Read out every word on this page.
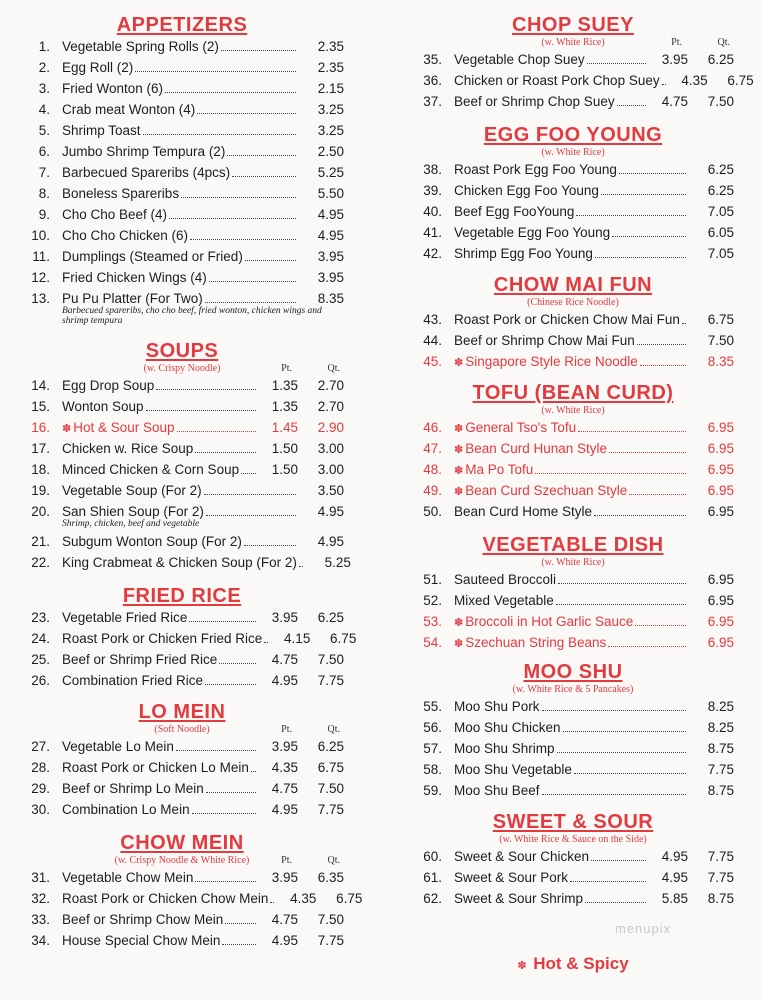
APPETIZERS
1. Vegetable Spring Rolls (2)	2.35
2. Egg Roll (2)	2.35
3. Fried Wonton (6)	2.15
4. Crab meat Wonton (4)	3.25
5. Shrimp Toast	3.25
6. Jumbo Shrimp Tempura (2)	2.50
7. Barbecued Spareribs (4pcs)	5.25
8. Boneless Spareribs	5.50
9. Cho Cho Beef (4)	4.95
10. Cho Cho Chicken (6)	4.95
11. Dumplings (Steamed or Fried)	3.95
12. Fried Chicken Wings (4)	3.95
13. Pu Pu Platter (For Two)	8.35
Barbecued spareribs, cho cho beef, fried wonton, chicken wings and shrimp tempura
SOUPS
(w. Crispy Noodle)	Pt.	Qt.
14. Egg Drop Soup	1.35	2.70
15. Wonton Soup	1.35	2.70
16. ✽ Hot & Sour Soup	1.45	2.90
17. Chicken w. Rice Soup	1.50	3.00
18. Minced Chicken & Corn Soup	1.50	3.00
19. Vegetable Soup (For 2)	3.50
20. San Shien Soup (For 2)	4.95
Shrimp, chicken, beef and vegetable
21. Subgum Wonton Soup (For 2)	4.95
22. King Crabmeat & Chicken Soup (For 2)	5.25
FRIED RICE
23. Vegetable Fried Rice	3.95	6.25
24. Roast Pork or Chicken Fried Rice	4.15	6.75
25. Beef or Shrimp Fried Rice	4.75	7.50
26. Combination Fried Rice	4.95	7.75
LO MEIN
(Soft Noodle)	Pt.	Qt.
27. Vegetable Lo Mein	3.95	6.25
28. Roast Pork or Chicken Lo Mein	4.35	6.75
29. Beef or Shrimp Lo Mein	4.75	7.50
30. Combination Lo Mein	4.95	7.75
CHOW MEIN
(w. Crispy Noodle & White Rice)	Pt.	Qt.
31. Vegetable Chow Mein	3.95	6.35
32. Roast Pork or Chicken Chow Mein	4.35	6.75
33. Beef or Shrimp Chow Mein	4.75	7.50
34. House Special Chow Mein	4.95	7.75
CHOP SUEY
(w. White Rice)	Pt.	Qt.
35. Vegetable Chop Suey	3.95	6.25
36. Chicken or Roast Pork Chop Suey	4.35	6.75
37. Beef or Shrimp Chop Suey	4.75	7.50
EGG FOO YOUNG
(w. White Rice)
38. Roast Pork Egg Foo Young	6.25
39. Chicken Egg Foo Young	6.25
40. Beef Egg FooYoung	7.05
41. Vegetable Egg Foo Young	6.05
42. Shrimp Egg Foo Young	7.05
CHOW MAI FUN
(Chinese Rice Noodle)
43. Roast Pork or Chicken Chow Mai Fun	6.75
44. Beef or Shrimp Chow Mai Fun	7.50
45. ✽ Singapore Style Rice Noodle	8.35
TOFU (BEAN CURD)
(w. White Rice)
46. ✽ General Tso's Tofu	6.95
47. ✽ Bean Curd Hunan Style	6.95
48. ✽ Ma Po Tofu	6.95
49. ✽ Bean Curd Szechuan Style	6.95
50. Bean Curd Home Style	6.95
VEGETABLE DISH
(w. White Rice)
51. Sauteed Broccoli	6.95
52. Mixed Vegetable	6.95
53. ✽ Broccoli in Hot Garlic Sauce	6.95
54. ✽ Szechuan String Beans	6.95
MOO SHU
(w. White Rice & 5 Pancakes)
55. Moo Shu Pork	8.25
56. Moo Shu Chicken	8.25
57. Moo Shu Shrimp	8.75
58. Moo Shu Vegetable	7.75
59. Moo Shu Beef	8.75
SWEET & SOUR
(w. White Rice & Sauce on the Side)
60. Sweet & Sour Chicken	4.95	7.75
61. Sweet & Sour Pork	4.95	7.75
62. Sweet & Sour Shrimp	5.85	8.75
✽ Hot & Spicy
menupix
